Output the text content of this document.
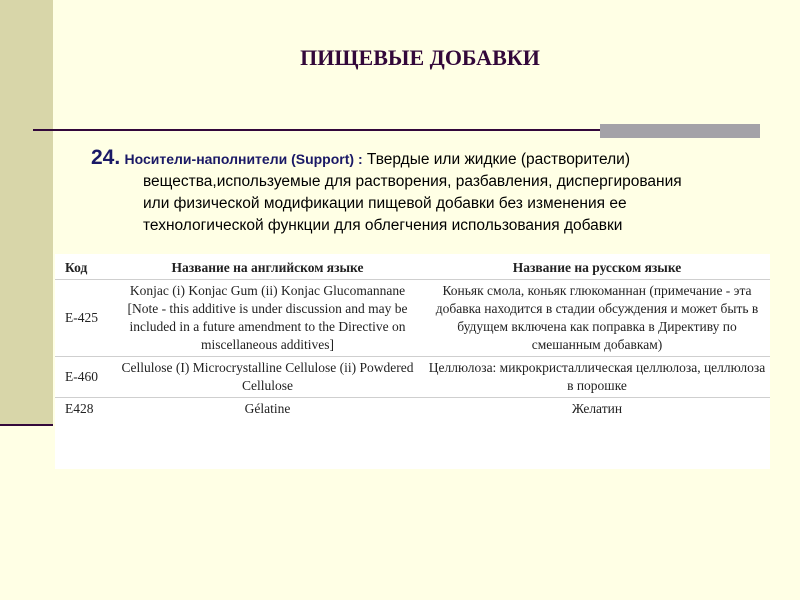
ПИЩЕВЫЕ ДОБАВКИ
24. Носители-наполнители (Support) : Твердые или жидкие (растворители)
вещества,используемые для растворения, разбавления, диспергирования
или физической модификации пищевой добавки без изменения ее
технологической функции для облегчения использования добавки
Код	Название на английском языке	Название на русском языке
E-425	Konjac (i) Konjac Gum (ii) Konjac Glucomannane [Note - this additive is under discussion and may be included in a future amendment to the Directive on miscellaneous additives]	Коньяк смола, коньяк глюкоманнан (примечание - эта добавка находится в стадии обсуждения и может быть в будущем включена как поправка в Директиву по смешанным добавкам)
E-460	Cellulose (I) Microcrystalline Cellulose (ii) Powdered Cellulose	Целлюлоза: микрокристаллическая целлюлоза, целлюлоза в порошке
E428	Gélatine	Желатин
